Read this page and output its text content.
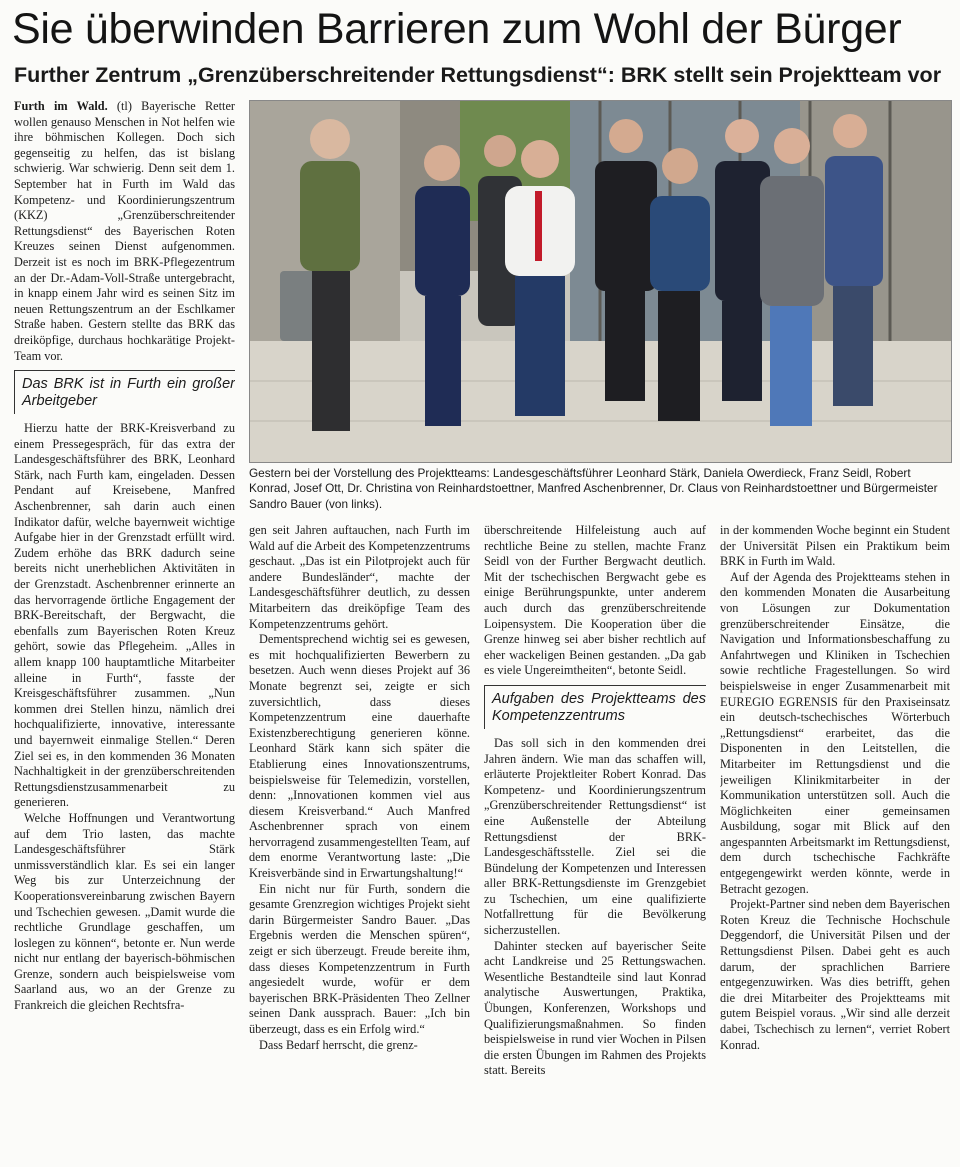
Sie überwinden Barrieren zum Wohl der Bürger
Further Zentrum „Grenzüberschreitender Rettungsdienst“: BRK stellt sein Projektteam vor

Furth im Wald. (tl) Bayerische Retter wollen genauso Menschen in Not helfen wie ihre böhmischen Kollegen. Doch sich gegenseitig zu helfen, das ist bislang schwierig. War schwierig. Denn seit dem 1. September hat in Furth im Wald das Kompetenz- und Koordinierungszentrum (KKZ) „Grenzüberschreitender Rettungsdienst“ des Bayerischen Roten Kreuzes seinen Dienst aufgenommen. Derzeit ist es noch im BRK-Pflegezentrum an der Dr.-Adam-Voll-Straße untergebracht, in knapp einem Jahr wird es seinen Sitz im neuen Rettungszentrum an der Eschlkamer Straße haben. Gestern stellte das BRK das dreiköpfige, durchaus hochkarätige Projekt-Team vor.

Das BRK ist in Furth ein großer Arbeitgeber

Hierzu hatte der BRK-Kreisverband zu einem Pressegespräch, für das extra der Landesgeschäftsführer des BRK, Leonhard Stärk, nach Furth kam, eingeladen. Dessen Pendant auf Kreisebene, Manfred Aschenbrenner, sah darin auch einen Indikator dafür, welche bayernweit wichtige Aufgabe hier in der Grenzstadt erfüllt wird. Zudem erhöhe das BRK dadurch seine bereits nicht unerheblichen Aktivitäten in der Grenzstadt. Aschenbrenner erinnerte an das hervorragende örtliche Engagement der BRK-Bereitschaft, der Bergwacht, die ebenfalls zum Bayerischen Roten Kreuz gehört, sowie das Pflegeheim. „Alles in allem knapp 100 hauptamtliche Mitarbeiter alleine in Furth“, fasste der Kreisgeschäftsführer zusammen. „Nun kommen drei Stellen hinzu, nämlich drei hochqualifizierte, innovative, interessante und bayernweit einmalige Stellen.“ Deren Ziel sei es, in den kommenden 36 Monaten Nachhaltigkeit in der grenzüberschreitenden Rettungsdienstzusammenarbeit zu generieren.

Welche Hoffnungen und Verantwortung auf dem Trio lasten, das machte Landesgeschäftsführer Stärk unmissverständlich klar. Es sei ein langer Weg bis zur Unterzeichnung der Kooperationsvereinbarung zwischen Bayern und Tschechien gewesen. „Damit wurde die rechtliche Grundlage geschaffen, um loslegen zu können“, betonte er. Nun werde nicht nur entlang der bayerisch-böhmischen Grenze, sondern auch beispielsweise vom Saarland aus, wo an der Grenze zu Frankreich die gleichen Rechtsfra-

Gestern bei der Vorstellung des Projektteams: Landesgeschäftsführer Leonhard Stärk, Daniela Owerdieck, Franz Seidl, Robert Konrad, Josef Ott, Dr. Christina von Reinhardstoettner, Manfred Aschenbrenner, Dr. Claus von Reinhardstoettner und Bürgermeister Sandro Bauer (von links).

gen seit Jahren auftauchen, nach Furth im Wald auf die Arbeit des Kompetenzzentrums geschaut. „Das ist ein Pilotprojekt auch für andere Bundesländer“, machte der Landesgeschäftsführer deutlich, zu dessen Mitarbeitern das dreiköpfige Team des Kompetenzzentrums gehört.

Dementsprechend wichtig sei es gewesen, es mit hochqualifizierten Bewerbern zu besetzen. Auch wenn dieses Projekt auf 36 Monate begrenzt sei, zeigte er sich zuversichtlich, dass dieses Kompetenzzentrum eine dauerhafte Existenzberechtigung generieren könne. Leonhard Stärk kann sich später die Etablierung eines Innovationszentrums, beispielsweise für Telemedizin, vorstellen, denn: „Innovationen kommen viel aus diesem Kreisverband.“ Auch Manfred Aschenbrenner sprach von einem hervorragend zusammengestellten Team, auf dem enorme Verantwortung laste: „Die Kreisverbände sind in Erwartungshaltung!“

Ein nicht nur für Furth, sondern die gesamte Grenzregion wichtiges Projekt sieht darin Bürgermeister Sandro Bauer. „Das Ergebnis werden die Menschen spüren“, zeigt er sich überzeugt. Freude bereite ihm, dass dieses Kompetenzzentrum in Furth angesiedelt wurde, wofür er dem bayerischen BRK-Präsidenten Theo Zellner seinen Dank aussprach. Bauer: „Ich bin überzeugt, dass es ein Erfolg wird.“

Dass Bedarf herrscht, die grenz-

überschreitende Hilfeleistung auch auf rechtliche Beine zu stellen, machte Franz Seidl von der Further Bergwacht deutlich. Mit der tschechischen Bergwacht gebe es einige Berührungspunkte, unter anderem auch durch das grenzüberschreitende Loipensystem. Die Kooperation über die Grenze hinweg sei aber bisher rechtlich auf eher wackeligen Beinen gestanden. „Da gab es viele Ungereimtheiten“, betonte Seidl.

Aufgaben des Projektteams des Kompetenzzentrums

Das soll sich in den kommenden drei Jahren ändern. Wie man das schaffen will, erläuterte Projektleiter Robert Konrad. Das Kompetenz- und Koordinierungszentrum „Grenzüberschreitender Rettungsdienst“ ist eine Außenstelle der Abteilung Rettungsdienst der BRK-Landesgeschäftsstelle. Ziel sei die Bündelung der Kompetenzen und Interessen aller BRK-Rettungsdienste im Grenzgebiet zu Tschechien, um eine qualifizierte Notfallrettung für die Bevölkerung sicherzustellen.

Dahinter stecken auf bayerischer Seite acht Landkreise und 25 Rettungswachen. Wesentliche Bestandteile sind laut Konrad analytische Auswertungen, Praktika, Übungen, Konferenzen, Workshops und Qualifizierungsmaßnahmen. So finden beispielsweise in rund vier Wochen in Pilsen die ersten Übungen im Rahmen des Projekts statt. Bereits

in der kommenden Woche beginnt ein Student der Universität Pilsen ein Praktikum beim BRK in Furth im Wald.

Auf der Agenda des Projektteams stehen in den kommenden Monaten die Ausarbeitung von Lösungen zur Dokumentation grenzüberschreitender Einsätze, die Navigation und Informationsbeschaffung zu Anfahrtwegen und Kliniken in Tschechien sowie rechtliche Fragestellungen. So wird beispielsweise in enger Zusammenarbeit mit EUREGIO EGRENSIS für den Praxiseinsatz ein deutsch-tschechisches Wörterbuch „Rettungsdienst“ erarbeitet, das die Disponenten in den Leitstellen, die Mitarbeiter im Rettungsdienst und die jeweiligen Klinikmitarbeiter in der Kommunikation unterstützen soll. Auch die Möglichkeiten einer gemeinsamen Ausbildung, sogar mit Blick auf den angespannten Arbeitsmarkt im Rettungsdienst, dem durch tschechische Fachkräfte entgegengewirkt werden könnte, werde in Betracht gezogen.

Projekt-Partner sind neben dem Bayerischen Roten Kreuz die Technische Hochschule Deggendorf, die Universität Pilsen und der Rettungsdienst Pilsen. Dabei geht es auch darum, der sprachlichen Barriere entgegenzuwirken. Was dies betrifft, gehen die drei Mitarbeiter des Projektteams mit gutem Beispiel voraus. „Wir sind alle derzeit dabei, Tschechisch zu lernen“, verriet Robert Konrad.
